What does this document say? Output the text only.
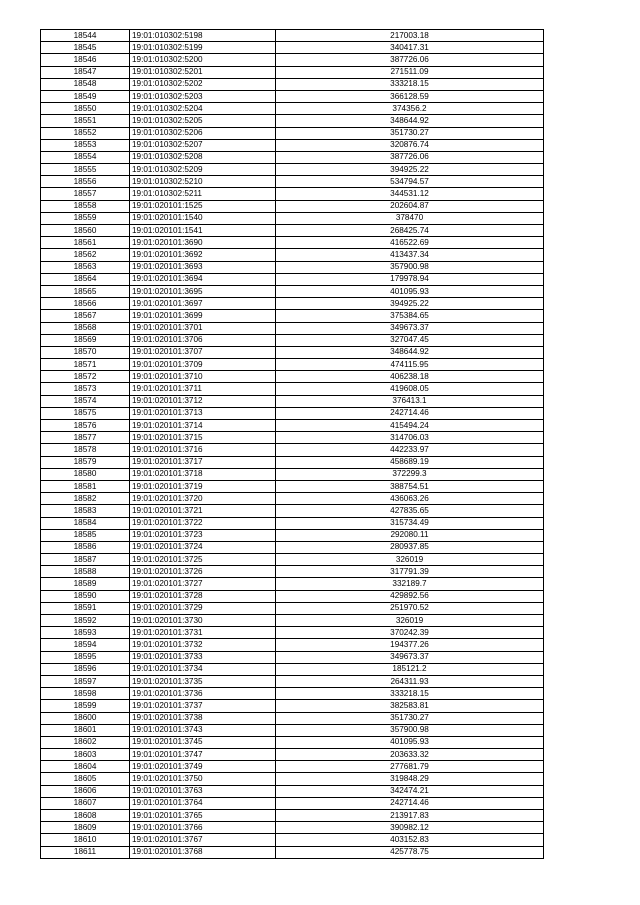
18544	19:01:010302:5198	217003.18
18545	19:01:010302:5199	340417.31
18546	19:01:010302:5200	387726.06
18547	19:01:010302:5201	271511.09
18548	19:01:010302:5202	333218.15
18549	19:01:010302:5203	366128.59
18550	19:01:010302:5204	374356.2
18551	19:01:010302:5205	348644.92
18552	19:01:010302:5206	351730.27
18553	19:01:010302:5207	320876.74
18554	19:01:010302:5208	387726.06
18555	19:01:010302:5209	394925.22
18556	19:01:010302:5210	534794.57
18557	19:01:010302:5211	344531.12
18558	19:01:020101:1525	202604.87
18559	19:01:020101:1540	378470
18560	19:01:020101:1541	268425.74
18561	19:01:020101:3690	416522.69
18562	19:01:020101:3692	413437.34
18563	19:01:020101:3693	357900.98
18564	19:01:020101:3694	179978.94
18565	19:01:020101:3695	401095.93
18566	19:01:020101:3697	394925.22
18567	19:01:020101:3699	375384.65
18568	19:01:020101:3701	349673.37
18569	19:01:020101:3706	327047.45
18570	19:01:020101:3707	348644.92
18571	19:01:020101:3709	474115.95
18572	19:01:020101:3710	406238.18
18573	19:01:020101:3711	419608.05
18574	19:01:020101:3712	376413.1
18575	19:01:020101:3713	242714.46
18576	19:01:020101:3714	415494.24
18577	19:01:020101:3715	314706.03
18578	19:01:020101:3716	442233.97
18579	19:01:020101:3717	458689.19
18580	19:01:020101:3718	372299.3
18581	19:01:020101:3719	388754.51
18582	19:01:020101:3720	436063.26
18583	19:01:020101:3721	427835.65
18584	19:01:020101:3722	315734.49
18585	19:01:020101:3723	292080.11
18586	19:01:020101:3724	280937.85
18587	19:01:020101:3725	326019
18588	19:01:020101:3726	317791.39
18589	19:01:020101:3727	332189.7
18590	19:01:020101:3728	429892.56
18591	19:01:020101:3729	251970.52
18592	19:01:020101:3730	326019
18593	19:01:020101:3731	370242.39
18594	19:01:020101:3732	194377.26
18595	19:01:020101:3733	349673.37
18596	19:01:020101:3734	185121.2
18597	19:01:020101:3735	264311.93
18598	19:01:020101:3736	333218.15
18599	19:01:020101:3737	382583.81
18600	19:01:020101:3738	351730.27
18601	19:01:020101:3743	357900.98
18602	19:01:020101:3745	401095.93
18603	19:01:020101:3747	203633.32
18604	19:01:020101:3749	277681.79
18605	19:01:020101:3750	319848.29
18606	19:01:020101:3763	342474.21
18607	19:01:020101:3764	242714.46
18608	19:01:020101:3765	213917.83
18609	19:01:020101:3766	390982.12
18610	19:01:020101:3767	403152.83
18611	19:01:020101:3768	425778.75
